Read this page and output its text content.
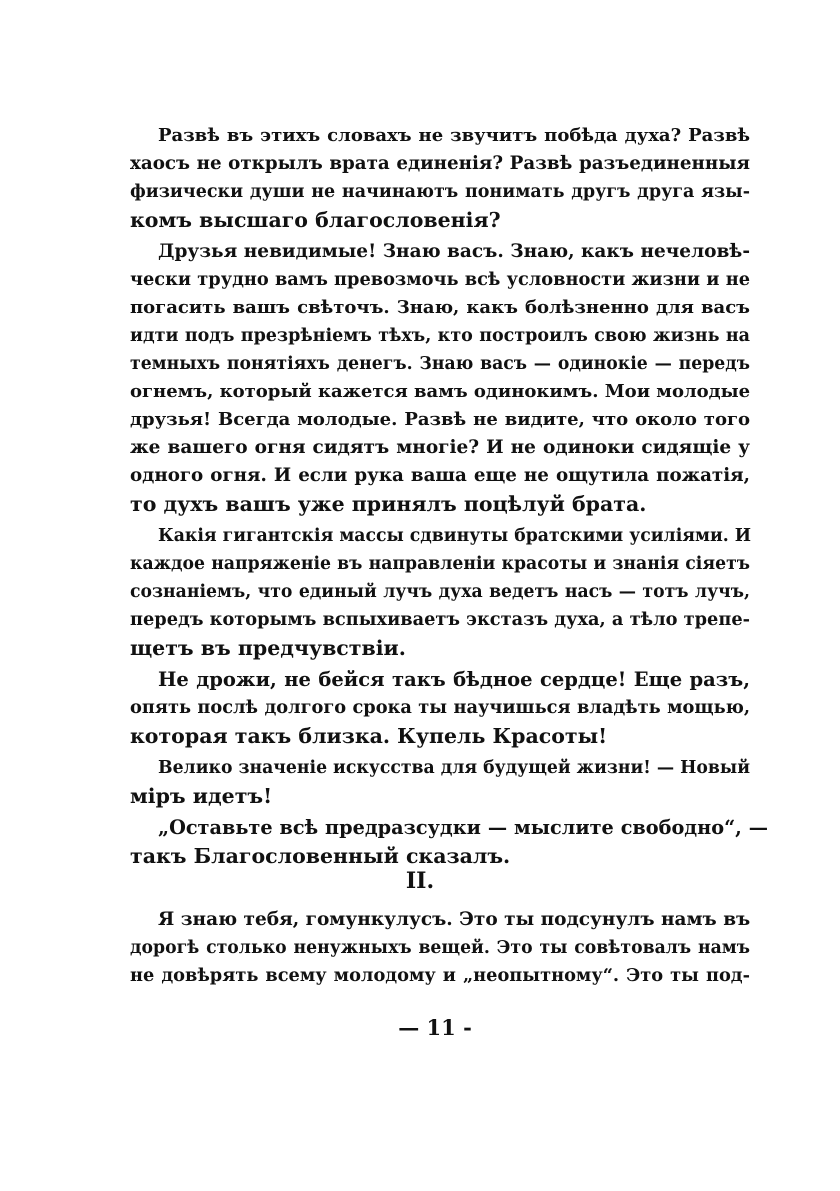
Развѣ въ этихъ словахъ не звучитъ побѣда духа? Развѣ
хаосъ не открылъ врата единенія? Развѣ разъединенныя
физически души не начинаютъ понимать другъ друга язы-
комъ высшаго благословенія?
Друзья невидимые! Знаю васъ. Знаю, какъ нечеловѣ-
чески трудно вамъ превозмочь всѣ условности жизни и не
погасить вашъ свѣточъ. Знаю, какъ болѣзненно для васъ
идти подъ презрѣніемъ тѣхъ, кто построилъ свою жизнь на
темныхъ понятіяхъ денегъ. Знаю васъ — одинокіе — передъ
огнемъ, который кажется вамъ одинокимъ. Мои молодые
друзья! Всегда молодые. Развѣ не видите, что около того
же вашего огня сидятъ многіе? И не одиноки сидящіе у
одного огня. И если рука ваша еще не ощутила пожатія,
то духъ вашъ уже принялъ поцѣлуй брата.
Какія гигантскія массы сдвинуты братскими усиліями. И
каждое напряженіе въ направленіи красоты и знанія сіяетъ
сознаніемъ, что единый лучъ духа ведетъ насъ — тотъ лучъ,
передъ которымъ вспыхиваетъ экстазъ духа, а тѣло трепе-
щетъ въ предчувствіи.
Не дрожи, не бейся такъ бѣдное сердце! Еще разъ,
опять послѣ долгого срока ты научишься владѣть мощью,
которая такъ близка. Купель Красоты!
Велико значеніе искусства для будущей жизни! — Новый
міръ идетъ!
„Оставьте всѣ предразсудки — мыслите свободно“, —
такъ Благословенный сказалъ.
II.
Я знаю тебя, гомункулусъ. Это ты подсунулъ намъ въ
дорогѣ столько ненужныхъ вещей. Это ты совѣтовалъ намъ
не довѣрять всему молодому и „неопытному“. Это ты под-
— 11 -
